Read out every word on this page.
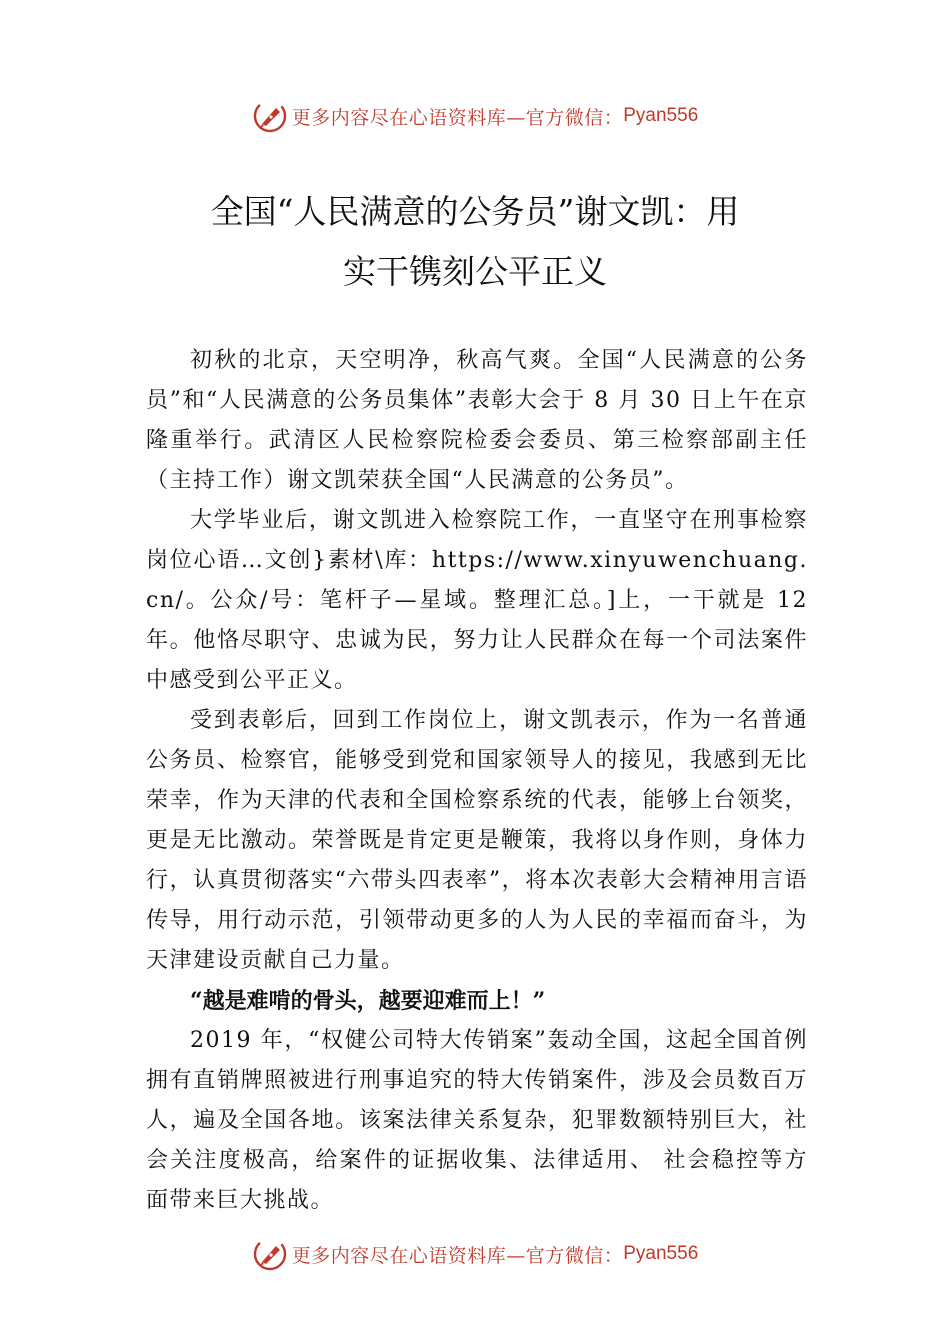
更多内容尽在心语资料库—官方微信： Pyan556
全国“人民满意的公务员”谢文凯：用
实干镌刻公平正义

初秋的北京，天空明净，秋高气爽。全国“人民满意的公务员”和“人民满意的公务员集体”表彰大会于 8 月 30 日上午在京隆重举行。武清区人民检察院检委会委员、第三检察部副主任（主持工作）谢文凯荣获全国“人民满意的公务员”。

大学毕业后，谢文凯进入检察院工作，一直坚守在刑事检察岗位心语…文创}素材\库：https://www.xinyuwenchuang.cn/。公众/号：笔杆子—星域。整理汇总。]上，一干就是 12 年。他恪尽职守、忠诚为民，努力让人民群众在每一个司法案件中感受到公平正义。

受到表彰后，回到工作岗位上，谢文凯表示，作为一名普通公务员、检察官，能够受到党和国家领导人的接见，我感到无比荣幸，作为天津的代表和全国检察系统的代表，能够上台领奖，更是无比激动。荣誉既是肯定更是鞭策，我将以身作则，身体力行，认真贯彻落实“六带头四表率”，将本次表彰大会精神用言语传导，用行动示范，引领带动更多的人为人民的幸福而奋斗，为天津建设贡献自己力量。

“越是难啃的骨头，越要迎难而上！”

2019 年，“权健公司特大传销案”轰动全国，这起全国首例拥有直销牌照被进行刑事追究的特大传销案件，涉及会员数百万人，遍及全国各地。该案法律关系复杂，犯罪数额特别巨大，社会关注度极高，给案件的证据收集、法律适用、 社会稳控等方面带来巨大挑战。

更多内容尽在心语资料库—官方微信： Pyan556
